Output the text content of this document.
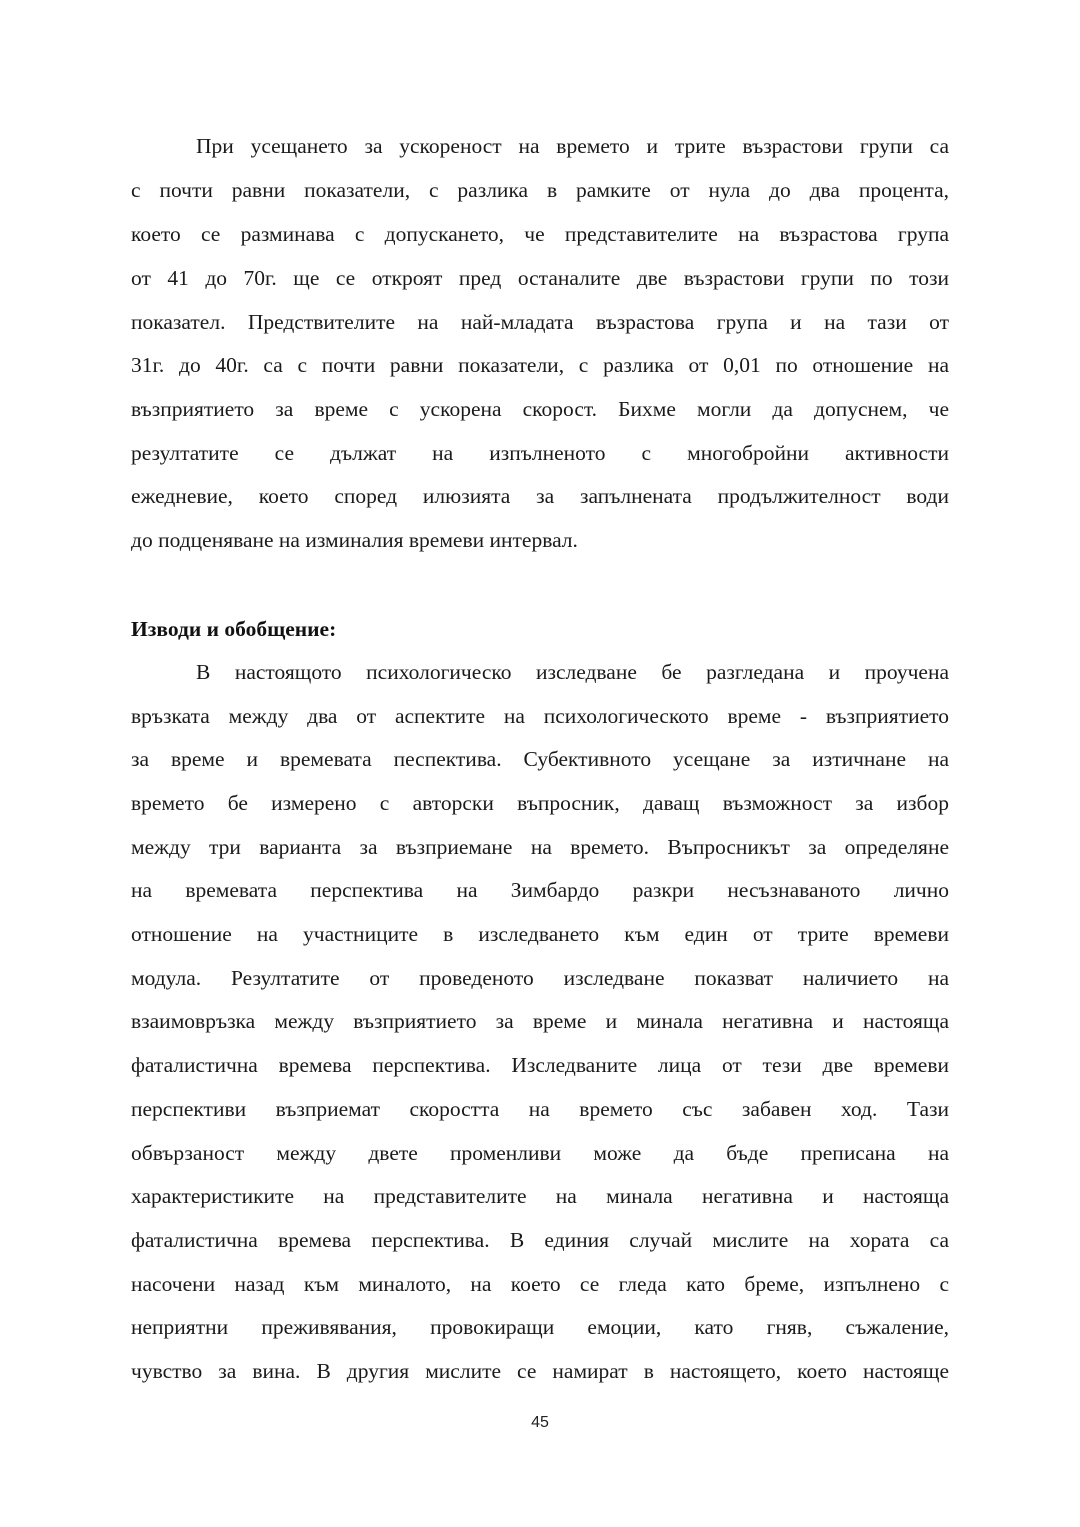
При усещането за ускореност на времето и трите възрастови групи са
с почти равни показатели, с разлика в рамките от нула до два процента,
което се разминава с допускането, че представителите на възрастова група
от 41 до 70г. ще се откроят пред останалите две възрастови групи по този
показател. Предствителите на най-младата възрастова група и на тази от
31г. до 40г. са с почти равни показатели, с разлика от 0,01 по отношение на
възприятието за време с ускорена скорост. Бихме могли да допуснем, че
резултатите се дължат на изпълненото с многобройни активности
ежедневие, което според илюзията за запълнената продължителност води
до подценяване на изминалия времеви интервал.
Изводи и обобщение:
В настоящото психологическо изследване бе разгледана и проучена
връзката между два от аспектите на психологическото време - възприятието
за време и времевата песпектива. Субективното усещане за изтичнане на
времето бе измерено с авторски въпросник, даващ възможност за избор
между три варианта за възприемане на времето. Въпросникът за определяне
на времевата перспектива на Зимбардо разкри несъзнаваното лично
отношение на участниците в изследването към един от трите времеви
модула. Резултатите от проведеното изследване показват наличието на
взаимовръзка между възприятието за време и минала негативна и настояща
фаталистична времева перспектива. Изследваните лица от тези две времеви
перспективи възприемат скоростта на времето със забавен ход. Тази
обвързаност между двете променливи може да бъде преписана на
характеристиките на представителите на минала негативна и настояща
фаталистична времева перспектива. В единия случай мислите на хората са
насочени назад към миналото, на което се гледа като бреме, изпълнено с
неприятни преживявания, провокиращи емоции, като гняв, съжаление,
чувство за вина. В другия мислите се намират в настоящето, което настояще
45
